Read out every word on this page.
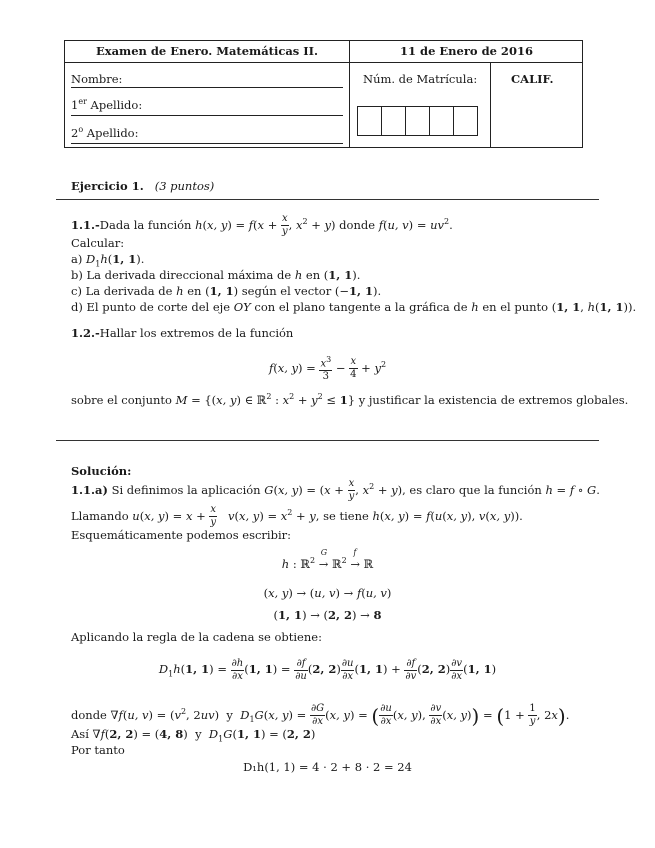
Examen de Enero. Matemáticas II.	11 de Enero de 2016
Nombre:
1er Apellido:
2$^o$ Apellido:
Núm. de Matrícula:	CALIF.
Ejercicio 1. (3 puntos)
1.1.-Dada la función h(x, $y) = f(x + \frac{x}{y}$ , $x^2 + y$) donde f(u, $v) = uv^2$.
Calcular:
a) $D_1h(1$, 1).
b) La derivada direccional máxima de h en (1, 1).
c) La derivada de h en (1, 1) según el vector (−1, 1).
d) El punto de corte del eje OY con el plano tangente a la gráfica de h en el punto (1, 1, h(1, 1)).
1.2.-Hallar los extremos de la función
f(x, $y) = \frac{x^3}{3} - \frac{x}{4} + y^2$
sobre el conjunto M = {(x, y) ∈ ℝ$^2$ : $x^2 + y^2 \le 1$} y justificar la existencia de extremos globales.
Solución:
1.1.a) Si definimos la aplicación G(x, $y) = (x + \frac{x}{y}$ , $x^2 + y$), es claro que la función h = f ∘ G.
Llamando u(x, $y) = x + \frac{x}{y} v(x$, $y) = x^2 + y$, se tiene h(x, y) = f(u(x, y), v(x, y)).
Esquemáticamente podemos escribir:
h : ℝ$^2$
G
→ ℝ$^2$
f
→ ℝ
(x, y) → (u, v) → f(u, v)
(1, 1) → (2, 2) → 8
Aplicando la regla de la cadena se obtiene:
$D_1h(1$, $1) = \frac{\partial h}{\partial x} (1$, $1) = \frac{\partial f}{\partial u} (2$, $2) \frac{\partial u}{\partial x} (1$, $1) + \frac{\partial f}{\partial v} (2$, $2) \frac{\partial v}{\partial x} (1$, 1)
donde ∇f(u, $v) = (v^2$, 2uv)  y $D_1G(x$, $y) = \frac{\partial G}{\partial x} (x$, y) = ( $\frac{\partial u}{\partial x} (x$, y), $\frac{\partial v}{\partial x} (x$, $y)) = (1 + \frac{1}{y}$ , 2x).
Así ∇f(2, 2) = (4, 8)  y $D_1G(1$, 1) = (2, 2)
Por tanto
D₁h(1, 1) = 4 · 2 + 8 · 2 = 24
